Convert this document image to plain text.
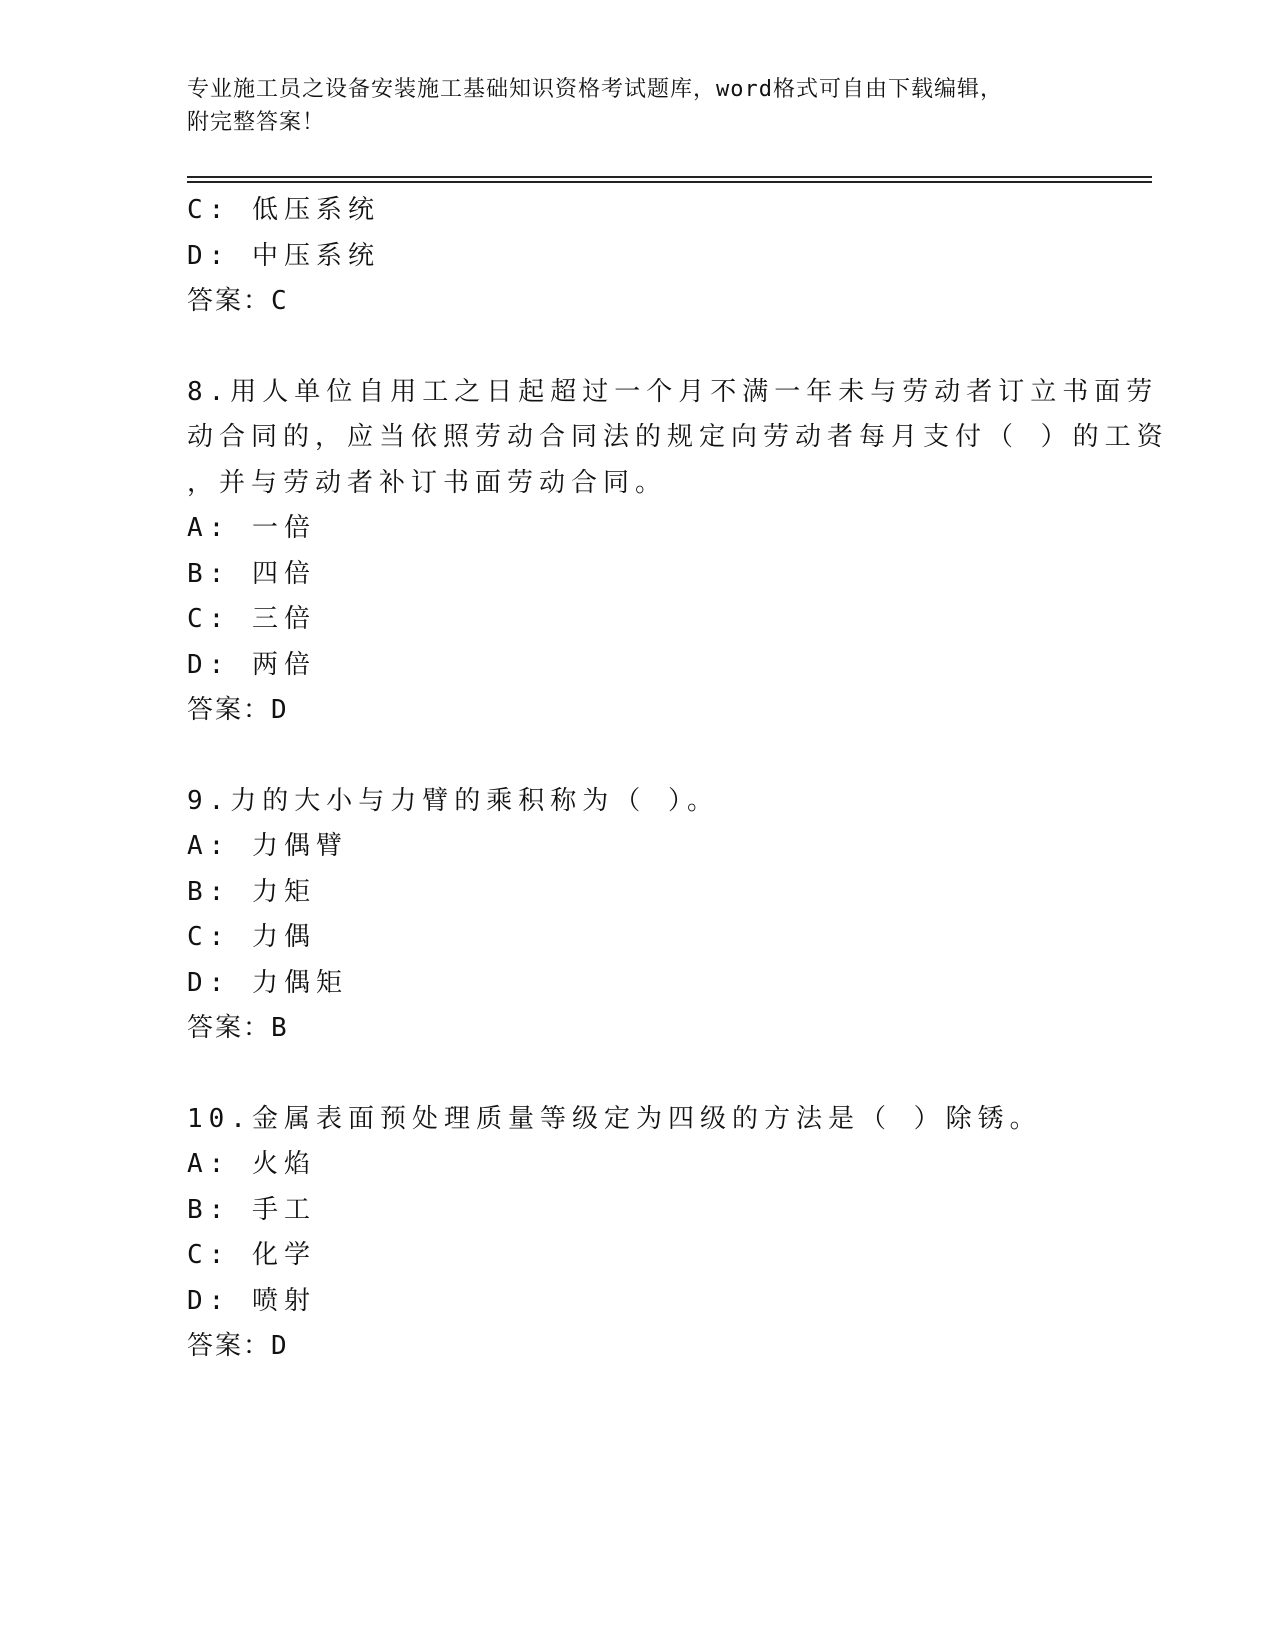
专业施工员之设备安装施工基础知识资格考试题库，word格式可自由下载编辑，
附完整答案！
C: 低压系统
D: 中压系统
答案：C
8.用人单位自用工之日起超过一个月不满一年未与劳动者订立书面劳
动合同的，应当依照劳动合同法的规定向劳动者每月支付（ ）的工资
，并与劳动者补订书面劳动合同。
A: 一倍
B: 四倍
C: 三倍
D: 两倍
答案：D
9.力的大小与力臂的乘积称为（ ）。
A: 力偶臂
B: 力矩
C: 力偶
D: 力偶矩
答案：B
10.金属表面预处理质量等级定为四级的方法是（ ）除锈。
A: 火焰
B: 手工
C: 化学
D: 喷射
答案：D
